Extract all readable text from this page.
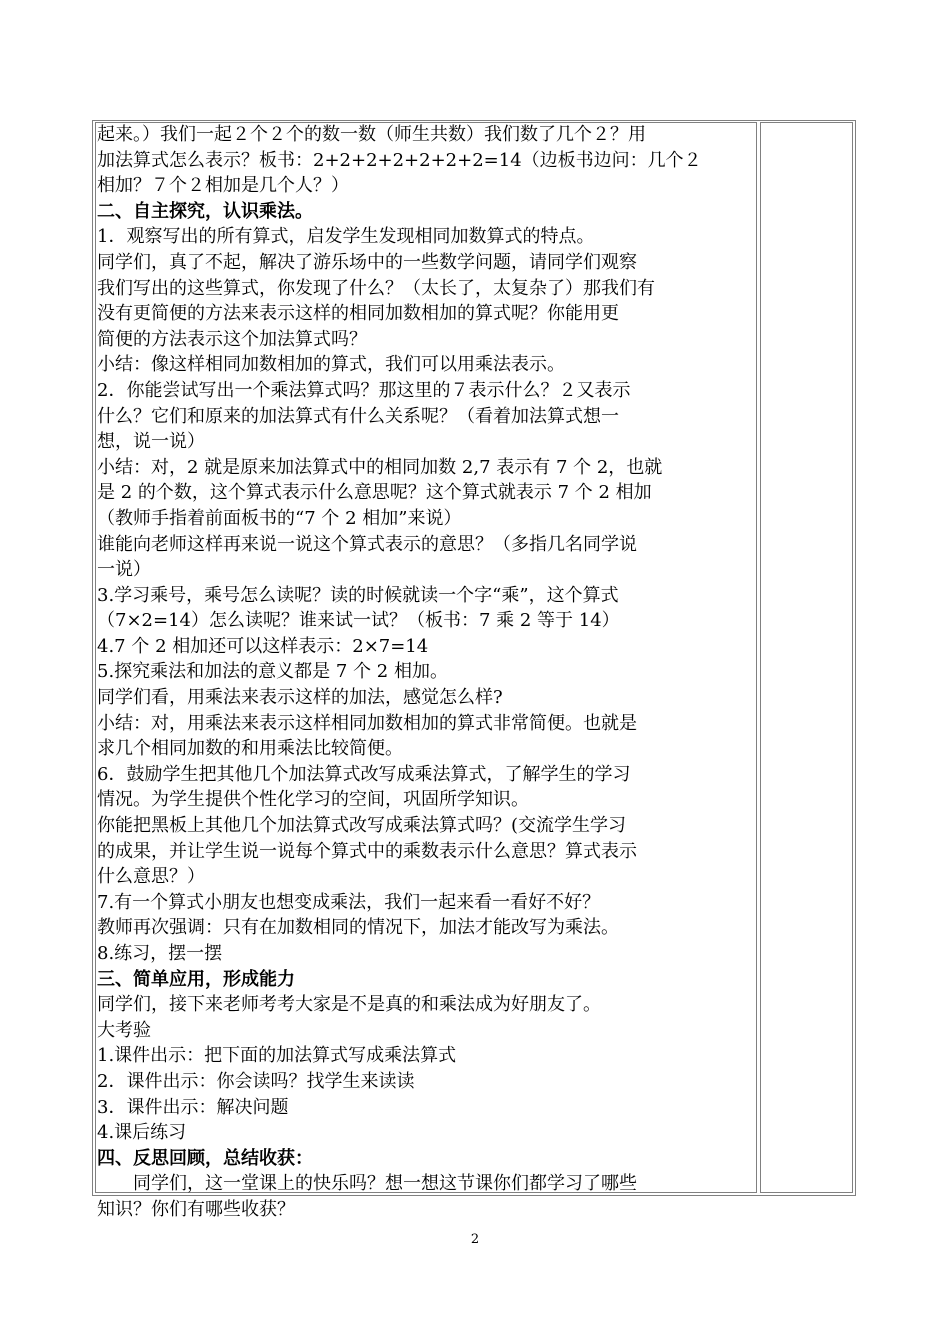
起来。）我们一起２个２个的数一数（师生共数）我们数了几个２？用

加法算式怎么表示？板书：2+2+2+2+2+2+2=14（边板书边问：几个２

相加？７个２相加是几个人？）

二、自主探究，认识乘法。

1．观察写出的所有算式，启发学生发现相同加数算式的特点。

同学们，真了不起，解决了游乐场中的一些数学问题，请同学们观察

我们写出的这些算式，你发现了什么？（太长了，太复杂了）那我们有

没有更简便的方法来表示这样的相同加数相加的算式呢？你能用更

简便的方法表示这个加法算式吗？

小结：像这样相同加数相加的算式，我们可以用乘法表示。

2．你能尝试写出一个乘法算式吗？那这里的７表示什么？２又表示

什么？它们和原来的加法算式有什么关系呢？（看着加法算式想一

想，说一说）

小结：对，2 就是原来加法算式中的相同加数 2,7 表示有 7 个 2，也就

是 2 的个数，这个算式表示什么意思呢？这个算式就表示 7 个 2 相加

（教师手指着前面板书的“7 个 2 相加”来说）

谁能向老师这样再来说一说这个算式表示的意思？（多指几名同学说

一说）

3.学习乘号，乘号怎么读呢？读的时候就读一个字“乘”，这个算式

（7×2=14）怎么读呢？谁来试一试？（板书：7 乘 2 等于 14）

4.7 个 2 相加还可以这样表示：2×7=14

5.探究乘法和加法的意义都是 7 个 2 相加。

同学们看，用乘法来表示这样的加法，感觉怎么样?

小结：对，用乘法来表示这样相同加数相加的算式非常简便。也就是

求几个相同加数的和用乘法比较简便。

6．鼓励学生把其他几个加法算式改写成乘法算式，了解学生的学习

情况。为学生提供个性化学习的空间，巩固所学知识。

你能把黑板上其他几个加法算式改写成乘法算式吗？(交流学生学习

的成果，并让学生说一说每个算式中的乘数表示什么意思？算式表示

什么意思？）

7.有一个算式小朋友也想变成乘法，我们一起来看一看好不好？

教师再次强调：只有在加数相同的情况下，加法才能改写为乘法。

8.练习，摆一摆

三、简单应用，形成能力

同学们，接下来老师考考大家是不是真的和乘法成为好朋友了。

大考验

1.课件出示：把下面的加法算式写成乘法算式

2．课件出示：你会读吗？找学生来读读

3．课件出示：解决问题

4.课后练习

四、反思回顾，总结收获：

同学们，这一堂课上的快乐吗？想一想这节课你们都学习了哪些

知识？你们有哪些收获？

2
